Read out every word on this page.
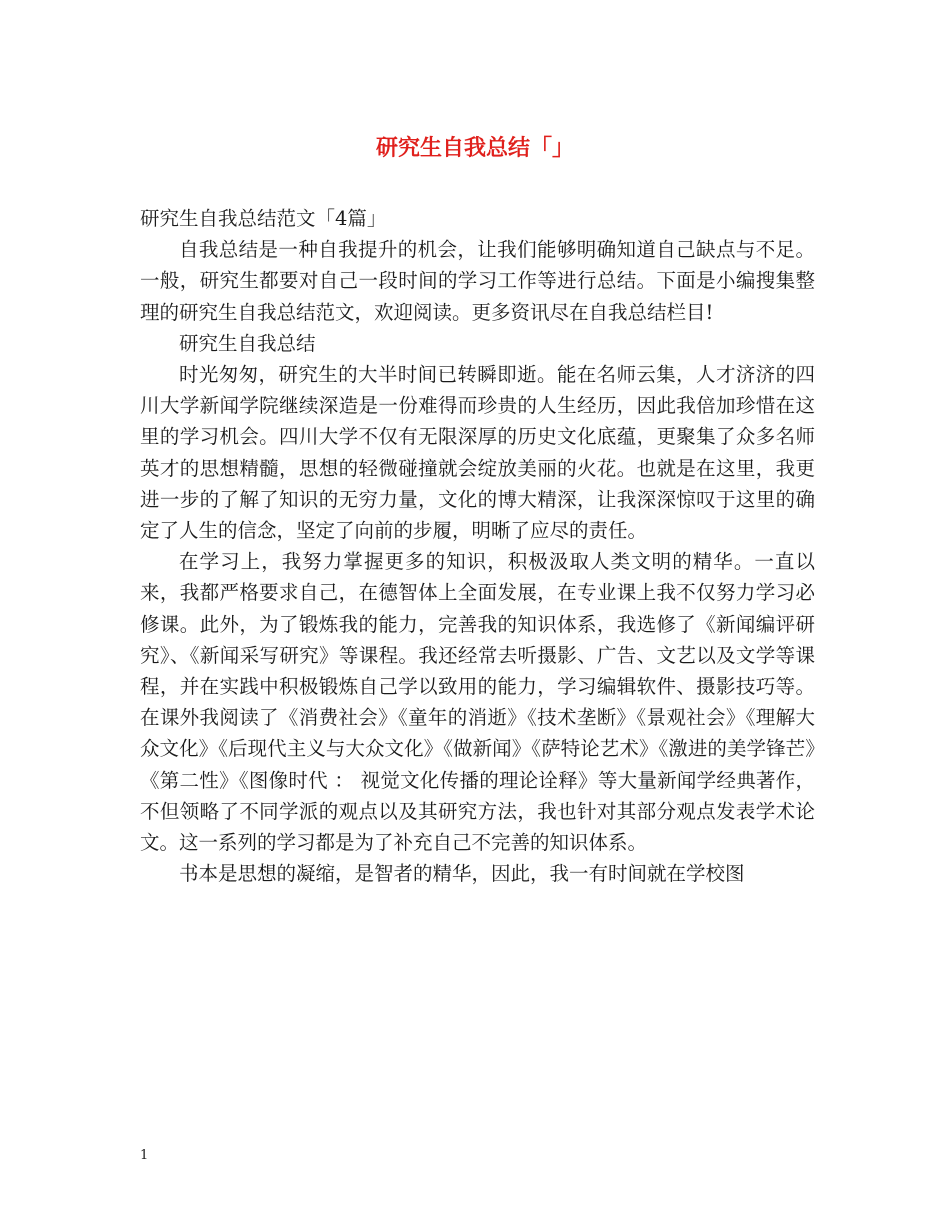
研究生自我总结「」

研究生自我总结范文「4篇」

自我总结是一种自我提升的机会，让我们能够明确知道自己缺点与不足。一般，研究生都要对自己一段时间的学习工作等进行总结。下面是小编搜集整理的研究生自我总结范文，欢迎阅读。更多资讯尽在自我总结栏目!

研究生自我总结

时光匆匆，研究生的大半时间已转瞬即逝。能在名师云集，人才济济的四川大学新闻学院继续深造是一份难得而珍贵的人生经历，因此我倍加珍惜在这里的学习机会。四川大学不仅有无限深厚的历史文化底蕴，更聚集了众多名师英才的思想精髓，思想的轻微碰撞就会绽放美丽的火花。也就是在这里，我更进一步的了解了知识的无穷力量，文化的博大精深，让我深深惊叹于这里的确定了人生的信念，坚定了向前的步履，明晰了应尽的责任。

在学习上，我努力掌握更多的知识，积极汲取人类文明的精华。一直以来，我都严格要求自己，在德智体上全面发展，在专业课上我不仅努力学习必修课。此外，为了锻炼我的能力，完善我的知识体系，我选修了《新闻编评研究》、《新闻采写研究》等课程。我还经常去听摄影、广告、文艺以及文学等课程，并在实践中积极锻炼自己学以致用的能力，学习编辑软件、摄影技巧等。在课外我阅读了《消费社会》《童年的消逝》《技术垄断》《景观社会》《理解大众文化》《后现代主义与大众文化》《做新闻》《萨特论艺术》《激进的美学锋芒》《第二性》《图像时代 ： 视觉文化传播的理论诠释》等大量新闻学经典著作，不但领略了不同学派的观点以及其研究方法，我也针对其部分观点发表学术论文。这一系列的学习都是为了补充自己不完善的知识体系。

书本是思想的凝缩，是智者的精华，因此，我一有时间就在学校图

1
